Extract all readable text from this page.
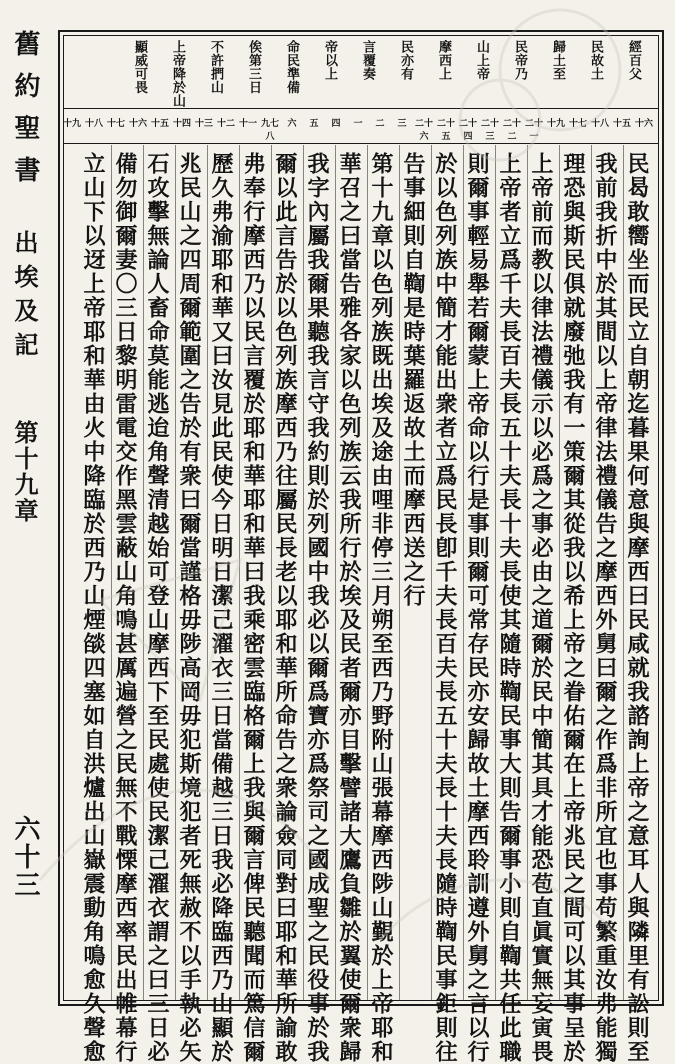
舊約聖書
出埃及記
第十九章
六十三
經百父
民故土
歸土至
民帝乃
山上帝
摩西上
民亦有
言覆奏
帝以上
命民準備
俟第三日
不許捫山
上帝降於山
顯威可畏
十六
十五
十八
十七
十九
二十一
二十二
二十三
二十四
二十五
二十六
三
二
一
四
五
六
九七八
十一
十二
十三
十四
十五
十六
十七
十八
十九
民曷敢嚮坐而民立自朝迄暮果何意與摩西曰民咸就我諮詢上帝之意耳人與隣里有訟則至
我前我折中於其間以上帝律法禮儀告之摩西外舅曰爾之作爲非所宜也事苟繁重汝弗能獨
理恐與斯民俱就廢弛我有一策爾其從我以希上帝之眷佑爾在上帝兆民之間可以其事呈於
上帝前而教以律法禮儀示以必爲之事必由之道爾於民中簡其具才能恐苞直眞實無妄寅畏
上帝者立爲千夫長百夫長五十夫長十夫長使其隨時鞫民事大則告爾事小則自鞫共任此職
則爾事輕易舉若爾蒙上帝命以行是事則爾可常存民亦安歸故土摩西聆訓遵外舅之言以行
於以色列族中簡才能出衆者立爲民長卽千夫長百夫長五十夫長十夫長隨時鞫民事鉅則往
告事細則自鞫是時葉羅返故土而摩西送之行
第十九章以色列族既出埃及途由哩非停三月朔至西乃野附山張幕摩西陟山覲於上帝耶和
華召之曰當告雅各家以色列族云我所行於埃及民者爾亦目擊譬諸大鷹負雛於翼使爾衆歸
我字內屬我爾果聽我言守我約則於列國中我必以爾爲寶亦爲祭司之國成聖之民役事於我
爾以此言告於以色列族摩西乃往屬民長老以耶和華所命告之衆論僉同對曰耶和華所諭敢
弗奉行摩西乃以民言覆於耶和華耶和華曰我乘密雲臨格爾上我與爾言俾民聽聞而篤信爾
歷久弗渝耶和華又曰汝見此民使今日明日潔己濯衣三日當備越三日我必降臨西乃山顯於
兆民山之四周爾範圍之告於有衆曰爾當謹格毋陟高岡毋犯斯境犯者死無赦不以手執必矢
石攻擊無論人畜命莫能逃迨角聲清越始可登山摩西下至民處使民潔己濯衣謂之曰三日必
備勿御爾妻〇三日黎明雷電交作黑雲蔽山角鳴甚厲遍營之民無不戰慄摩西率民出帷幕行
立山下以迓上帝耶和華由火中降臨於西乃山煙燄四塞如自洪爐出山嶽震動角鳴愈久聲愈
